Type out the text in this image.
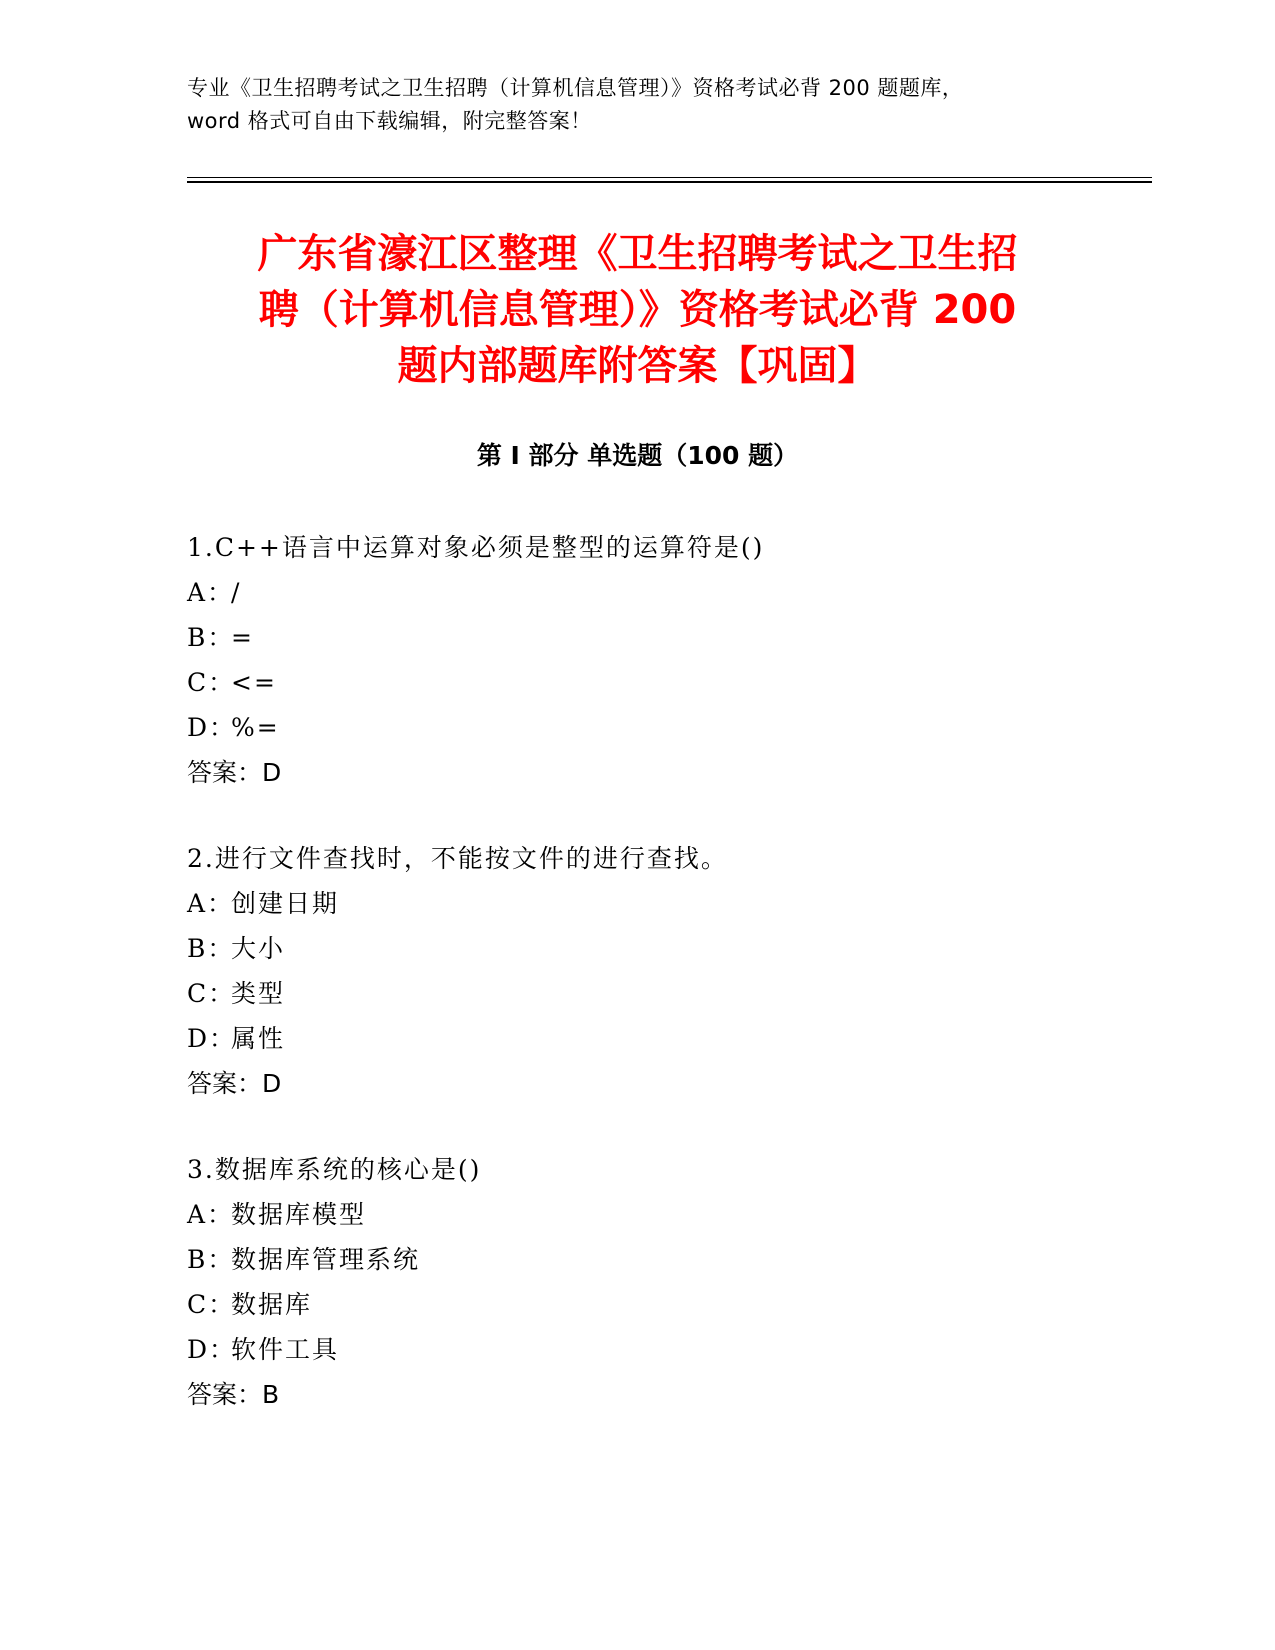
专业《卫生招聘考试之卫生招聘（计算机信息管理）》资格考试必背 200 题题库，

word 格式可自由下载编辑，附完整答案！

广东省濠江区整理《卫生招聘考试之卫生招
聘（计算机信息管理）》资格考试必背 200
题内部题库附答案【巩固】
第 I 部分 单选题（100 题）
1.C++语言中运算对象必须是整型的运算符是()
A：/
B：=
C：<=
D：%=
答案：D
2.进行文件查找时，不能按文件的进行查找。
A：创建日期
B：大小
C：类型
D：属性
答案：D
3.数据库系统的核心是()
A：数据库模型
B：数据库管理系统
C：数据库
D：软件工具
答案：B
